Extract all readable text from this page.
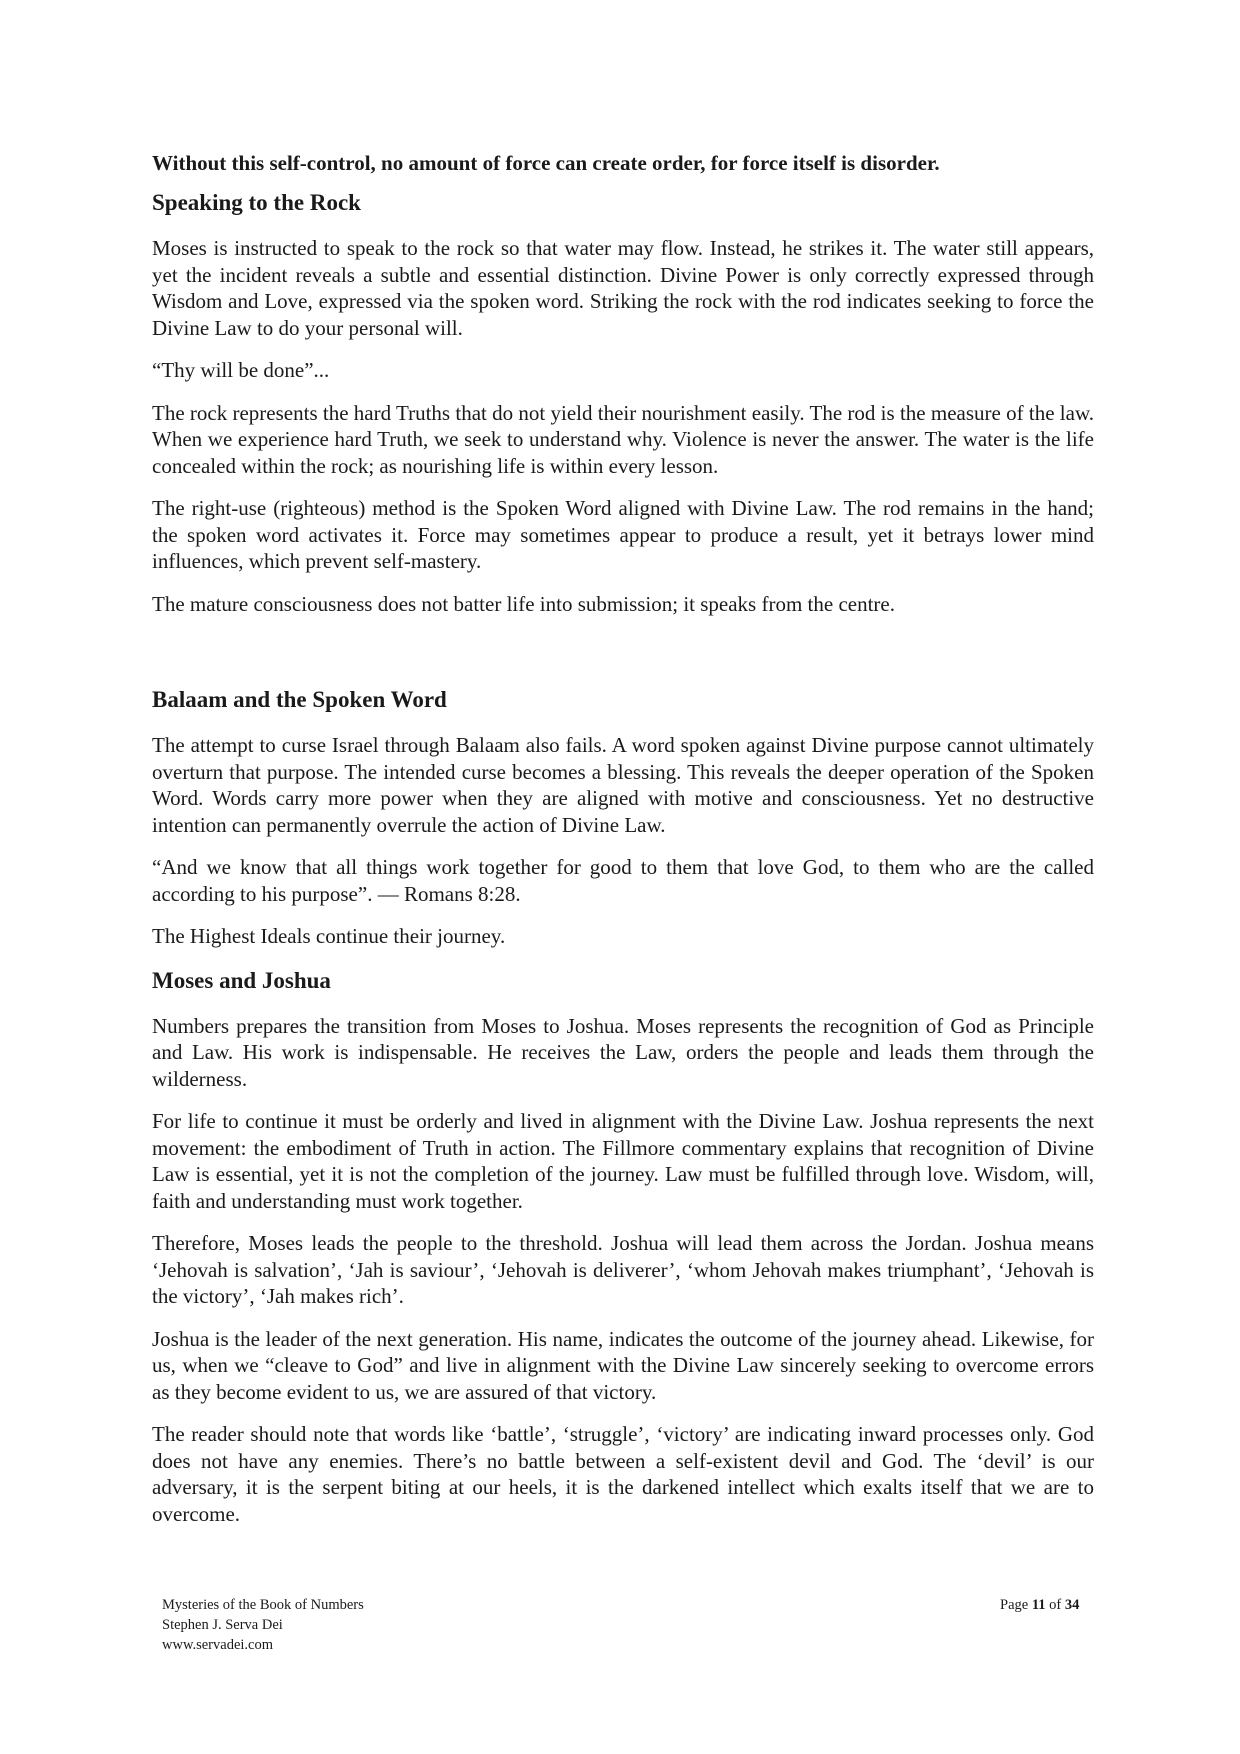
Without this self-control, no amount of force can create order, for force itself is disorder.

Speaking to the Rock

Moses is instructed to speak to the rock so that water may flow. Instead, he strikes it. The water still appears, yet the incident reveals a subtle and essential distinction. Divine Power is only correctly expressed through Wisdom and Love, expressed via the spoken word. Striking the rock with the rod indicates seeking to force the Divine Law to do your personal will.

“Thy will be done”...

The rock represents the hard Truths that do not yield their nourishment easily. The rod is the measure of the law. When we experience hard Truth, we seek to understand why. Violence is never the answer. The water is the life concealed within the rock; as nourishing life is within every lesson.

The right-use (righteous) method is the Spoken Word aligned with Divine Law. The rod remains in the hand; the spoken word activates it. Force may sometimes appear to produce a result, yet it betrays lower mind influences, which prevent self-mastery.

The mature consciousness does not batter life into submission; it speaks from the centre.

Balaam and the Spoken Word

The attempt to curse Israel through Balaam also fails. A word spoken against Divine purpose cannot ultimately overturn that purpose. The intended curse becomes a blessing. This reveals the deeper operation of the Spoken Word. Words carry more power when they are aligned with motive and consciousness. Yet no destructive intention can permanently overrule the action of Divine Law.

“And we know that all things work together for good to them that love God, to them who are the called according to his purpose”. — Romans 8:28.

The Highest Ideals continue their journey.

Moses and Joshua

Numbers prepares the transition from Moses to Joshua. Moses represents the recognition of God as Principle and Law. His work is indispensable. He receives the Law, orders the people and leads them through the wilderness.

For life to continue it must be orderly and lived in alignment with the Divine Law. Joshua represents the next movement: the embodiment of Truth in action. The Fillmore commentary explains that recognition of Divine Law is essential, yet it is not the completion of the journey. Law must be fulfilled through love. Wisdom, will, faith and understanding must work together.

Therefore, Moses leads the people to the threshold. Joshua will lead them across the Jordan. Joshua means ‘Jehovah is salvation’, ‘Jah is saviour’, ‘Jehovah is deliverer’, ‘whom Jehovah makes triumphant’, ‘Jehovah is the victory’, ‘Jah makes rich’.

Joshua is the leader of the next generation. His name, indicates the outcome of the journey ahead. Likewise, for us, when we “cleave to God” and live in alignment with the Divine Law sincerely seeking to overcome errors as they become evident to us, we are assured of that victory.

The reader should note that words like ‘battle’, ‘struggle’, ‘victory’ are indicating inward processes only. God does not have any enemies. There’s no battle between a self-existent devil and God. The ‘devil’ is our adversary, it is the serpent biting at our heels, it is the darkened intellect which exalts itself that we are to overcome.

Mysteries of the Book of Numbers
Stephen J. Serva Dei
www.servadei.com
Page 11 of 34
